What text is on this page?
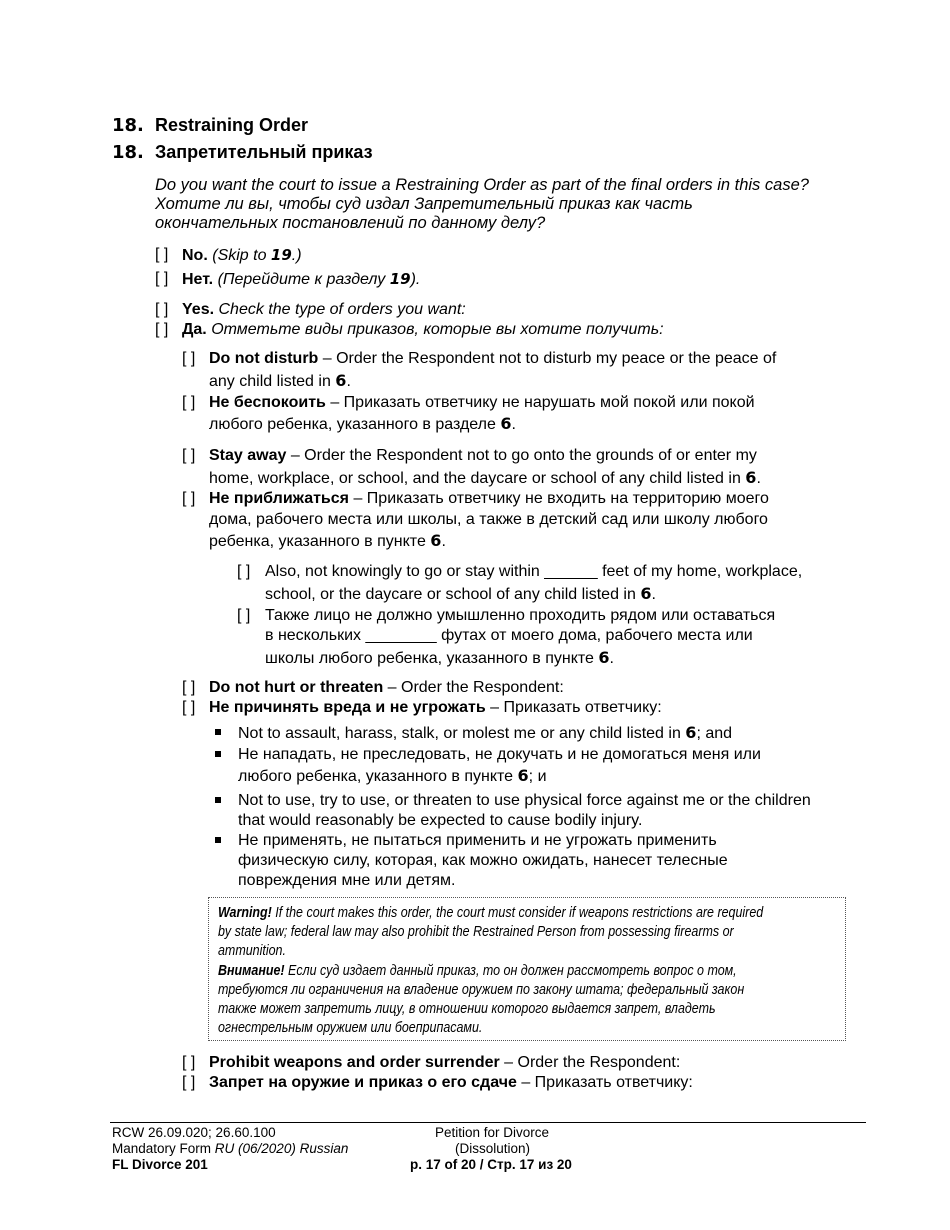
18. Restraining Order
18. Запретительный приказ
Do you want the court to issue a Restraining Order as part of the final orders in this case?
Хотите ли вы, чтобы суд издал Запретительный приказ как часть
окончательных постановлений по данному делу?
[ ] No. (Skip to 19.)
[ ] Нет. (Перейдите к разделу 19).
[ ] Yes. Check the type of orders you want:
[ ] Да. Отметьте виды приказов, которые вы хотите получить:
[ ] Do not disturb – Order the Respondent not to disturb my peace or the peace of
any child listed in 6.
[ ] Не беспокоить – Приказать ответчику не нарушать мой покой или покой
любого ребенка, указанного в разделе 6.
[ ] Stay away – Order the Respondent not to go onto the grounds of or enter my
home, workplace, or school, and the daycare or school of any child listed in 6.
[ ] Не приближаться – Приказать ответчику не входить на территорию моего
дома, рабочего места или школы, а также в детский сад или школу любого
ребенка, указанного в пункте 6.
[ ] Also, not knowingly to go or stay within ______ feet of my home, workplace,
school, or the daycare or school of any child listed in 6.
[ ] Также лицо не должно умышленно проходить рядом или оставаться
в нескольких ________ футах от моего дома, рабочего места или
школы любого ребенка, указанного в пункте 6.
[ ] Do not hurt or threaten – Order the Respondent:
[ ] Не причинять вреда и не угрожать – Приказать ответчику:
Not to assault, harass, stalk, or molest me or any child listed in 6; and
Не нападать, не преследовать, не докучать и не домогаться меня или
любого ребенка, указанного в пункте 6; и
Not to use, try to use, or threaten to use physical force against me or the children
that would reasonably be expected to cause bodily injury.
Не применять, не пытаться применить и не угрожать применить
физическую силу, которая, как можно ожидать, нанесет телесные
повреждения мне или детям.
Warning! If the court makes this order, the court must consider if weapons restrictions are required
by state law; federal law may also prohibit the Restrained Person from possessing firearms or
ammunition.
Внимание! Если суд издает данный приказ, то он должен рассмотреть вопрос о том,
требуются ли ограничения на владение оружием по закону штата; федеральный закон
также может запретить лицу, в отношении которого выдается запрет, владеть
огнестрельным оружием или боеприпасами.
[ ] Prohibit weapons and order surrender – Order the Respondent:
[ ] Запрет на оружие и приказ о его сдаче – Приказать ответчику:
RCW 26.09.020; 26.60.100
Mandatory Form RU (06/2020) Russian
FL Divorce 201
Petition for Divorce
(Dissolution)
p. 17 of 20 / Стр. 17 из 20
